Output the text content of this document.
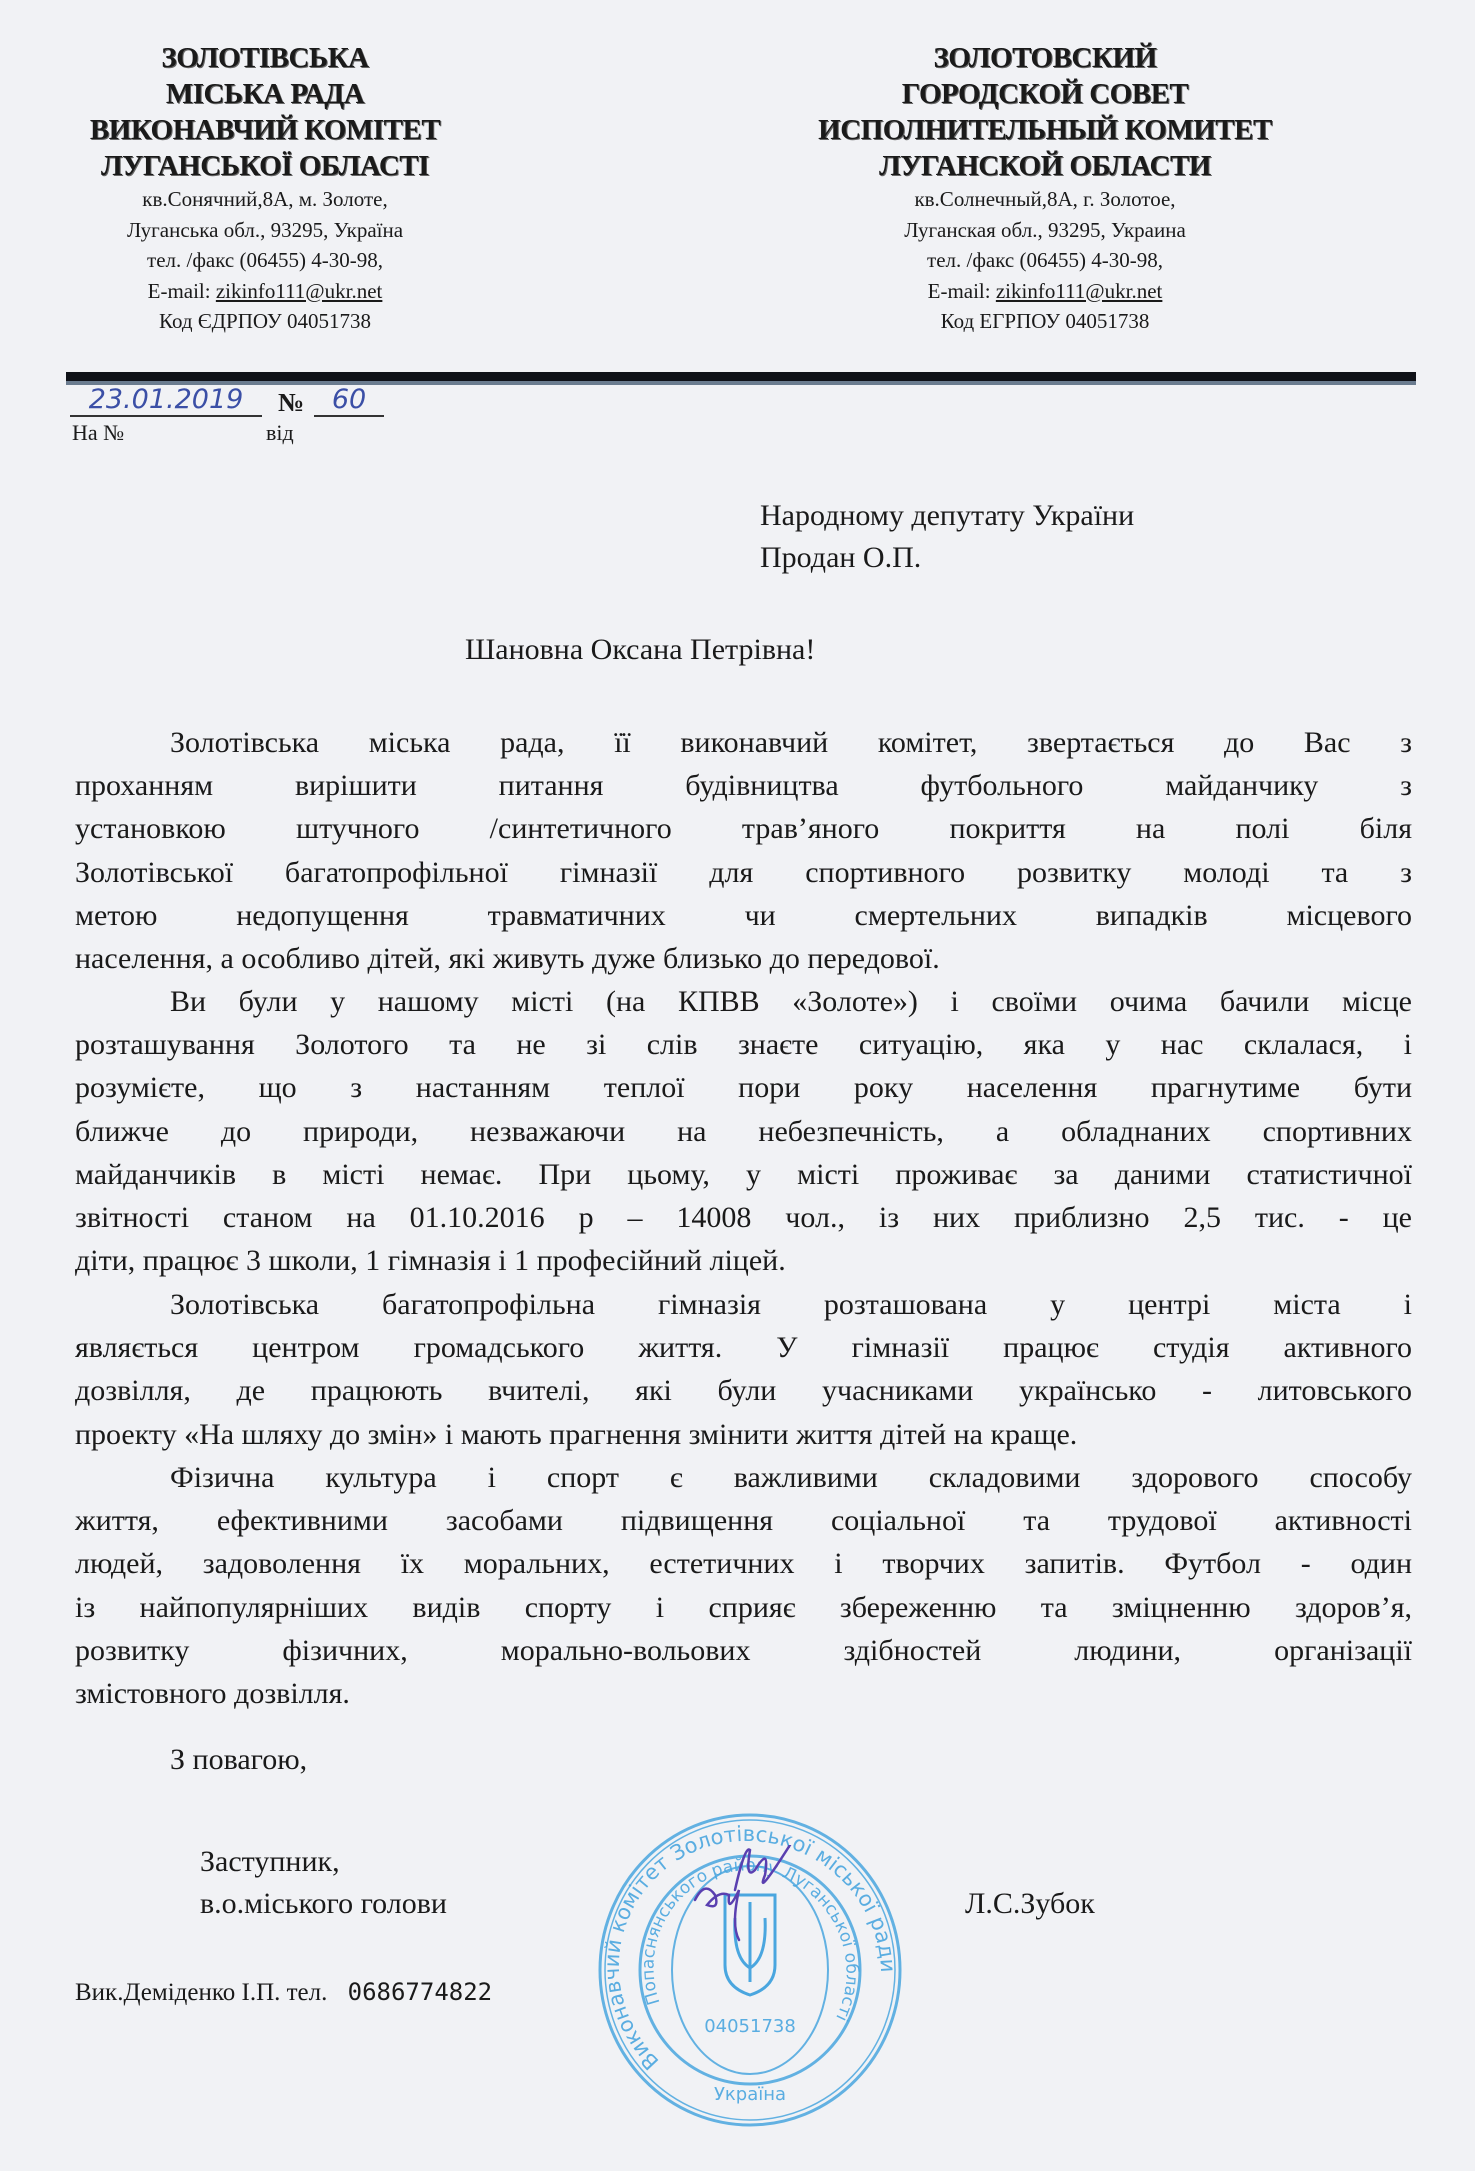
ЗОЛОТІВСЬКА
МІСЬКА РАДА
ВИКОНАВЧИЙ КОМІТЕТ
ЛУГАНСЬКОЇ ОБЛАСТІ
кв.Сонячний,8А, м. Золоте,
Луганська обл., 93295, Україна
тел. /факс (06455) 4-30-98,
E-mail: zikinfo111@ukr.net
Код ЄДРПОУ 04051738
ЗОЛОТОВСКИЙ
ГОРОДСКОЙ СОВЕТ
ИСПОЛНИТЕЛЬНЫЙ КОМИТЕТ
ЛУГАНСКОЙ ОБЛАСТИ
кв.Солнечный,8А, г. Золотое,
Луганская обл., 93295, Украина
тел. /факс (06455) 4-30-98,
E-mail: zikinfo111@ukr.net
Код ЕГРПОУ 04051738
23.01.2019	№	60
На №	від
Народному депутату України
Продан О.П.
Шановна Оксана Петрівна!
Золотівська міська рада, її виконавчий комітет, звертається до Вас з
проханням вирішити питання будівництва футбольного майданчику з
установкою штучного /синтетичного трав’яного покриття на полі біля
Золотівської багатопрофільної гімназії для спортивного розвитку молоді та з
метою недопущення травматичних чи смертельних випадків місцевого
населення, а особливо дітей, які живуть дуже близько до передової.
Ви були у нашому місті (на КПВВ «Золоте») і своїми очима бачили місце
розташування Золотого та не зі слів знаєте ситуацію, яка у нас склалася, і
розумієте, що з настанням теплої пори року населення прагнутиме бути
ближче до природи, незважаючи на небезпечність, а обладнаних спортивних
майданчиків в місті немає. При цьому, у місті проживає за даними статистичної
звітності станом на 01.10.2016 р – 14008 чол., із них приблизно 2,5 тис. - це
діти, працює 3 школи, 1 гімназія і 1 професійний ліцей.
Золотівська багатопрофільна гімназія розташована у центрі міста і
являється центром громадського життя. У гімназії працює студія активного
дозвілля, де працюють вчителі, які були учасниками українсько - литовського
проекту «На шляху до змін» і мають прагнення змінити життя дітей на краще.
Фізична культура і спорт є важливими складовими здорового способу
життя, ефективними засобами підвищення соціальної та трудової активності
людей, задоволення їх моральних, естетичних і творчих запитів. Футбол - один
із найпопулярніших видів спорту і сприяє збереженню та зміцненню здоров’я,
розвитку фізичних, морально-вольових здібностей людини, організації
змістовного дозвілля.
З повагою,
Виконавчий комітет Золотівської міської ради
Попаснянського району Луганської області
04051738
Україна
Заступник,
в.о.міського голови	Л.С.Зубок
Вик.Деміденко І.П. тел. 0686774822
